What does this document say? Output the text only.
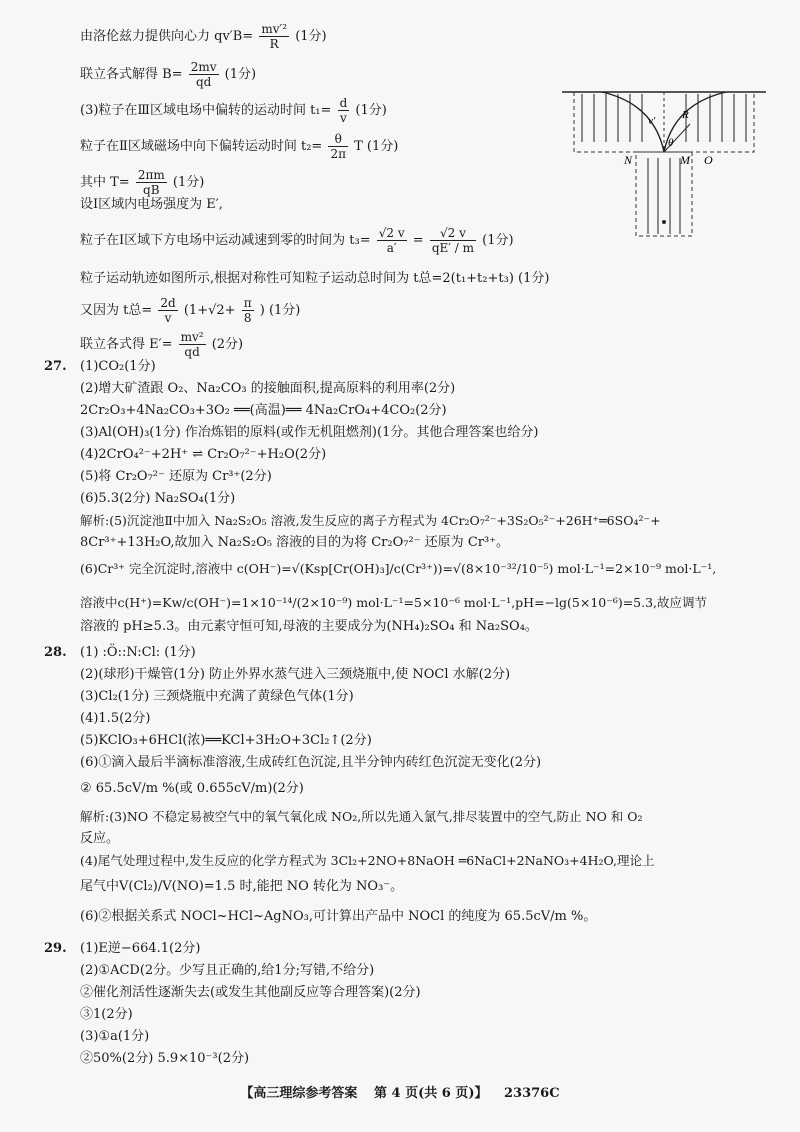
由洛伦兹力提供向心力 $qv'B= \frac{\text{mv′²}}{R} (1$分)
联立各式解得 $B= \frac{2mv}{qd} (1$分)
(3)粒子在Ⅲ区域电场中偏转的运动时间 $t_1= \frac{d}{v} (1$分)
粒子在Ⅱ区域磁场中向下偏转运动时间 $t_2= \frac{\theta}{2\pi}$ T (1分)
其中 $T= \frac{2\pi m}{qB} (1$分)
设Ⅰ区域内电场强度为 E′,
粒子在Ⅰ区域下方电场中运动减速到零的时间为 $t_3= \frac{√2 v}{a'} = \frac{√2 v}{qE' / m} (1$分)
粒子运动轨迹如图所示,根据对称性可知粒子运动总时间为 t总=2(t₁+t₂+t₃) (1分)
又因为 t总= $\frac{2d}{v} (1+√2+ \frac{\pi}{8}$ ) (1分)
联立各式得 $E'= \frac{\text{mv²}}{qd} (2$分)
N	M O
v′ R
θ
27. (1)CO₂(1分)
(2)增大矿渣跟 O₂、Na₂CO₃ 的接触面积,提高原料的利用率(2分)
2Cr₂O₃+4Na₂CO₃+3O₂ ══(高温)══ 4Na₂CrO₄+4CO₂(2分)
(3)Al(OH)₃(1分) 作冶炼铝的原料(或作无机阻燃剂)(1分。其他合理答案也给分)
(4)2CrO₄²⁻+2H⁺ ⇌ Cr₂O₇²⁻+H₂O(2分)
(5)将 Cr₂O₇²⁻ 还原为 Cr³⁺(2分)
(6)5.3(2分) Na₂SO₄(1分)
解析:(5)沉淀池Ⅱ中加入 Na₂S₂O₅ 溶液,发生反应的离子方程式为 4Cr₂O₇²⁻+3S₂O₅²⁻+26H⁺═6SO₄²⁻+
8Cr³⁺+13H₂O,故加入 Na₂S₂O₅ 溶液的目的为将 Cr₂O₇²⁻ 还原为 Cr³⁺。
(6)Cr³⁺ 完全沉淀时,溶液中 c(OH⁻)=√(Ksp[Cr(OH)₃]/c(Cr³⁺))=√(8×10⁻³²/10⁻⁵) mol·L⁻¹=2×10⁻⁹ mol·L⁻¹,
溶液中c(H⁺)=Kw/c(OH⁻)=1×10⁻¹⁴/(2×10⁻⁹) mol·L⁻¹=5×10⁻⁶ mol·L⁻¹,pH=−lg(5×10⁻⁶)=5.3,故应调节
溶液的 pH≥5.3。由元素守恒可知,母液的主要成分为(NH₄)₂SO₄ 和 Na₂SO₄。
28. (1) :Ö::N:Cl: (1分)
(2)(球形)干燥管(1分) 防止外界水蒸气进入三颈烧瓶中,使 NOCl 水解(2分)
(3)Cl₂(1分) 三颈烧瓶中充满了黄绿色气体(1分)
(4)1.5(2分)
(5)KClO₃+6HCl(浓)══KCl+3H₂O+3Cl₂↑(2分)
(6)①滴入最后半滴标准溶液,生成砖红色沉淀,且半分钟内砖红色沉淀无变化(2分)
② 65.5cV/m %(或 0.655cV/m)(2分)
解析:(3)NO 不稳定易被空气中的氧气氧化成 NO₂,所以先通入氯气,排尽装置中的空气,防止 NO 和 O₂
反应。
(4)尾气处理过程中,发生反应的化学方程式为 3Cl₂+2NO+8NaOH ═6NaCl+2NaNO₃+4H₂O,理论上
尾气中V(Cl₂)/V(NO)=1.5 时,能把 NO 转化为 NO₃⁻。
(6)②根据关系式 NOCl~HCl~AgNO₃,可计算出产品中 NOCl 的纯度为 65.5cV/m %。
29. (1)E逆−664.1(2分)
(2)①ACD(2分。少写且正确的,给1分;写错,不给分)
②催化剂活性逐渐失去(或发生其他副反应等合理答案)(2分)
③1(2分)
(3)①a(1分)
②50%(2分) 5.9×10⁻³(2分)
【高三理综参考答案 第 4 页(共 6 页)】 23376C
